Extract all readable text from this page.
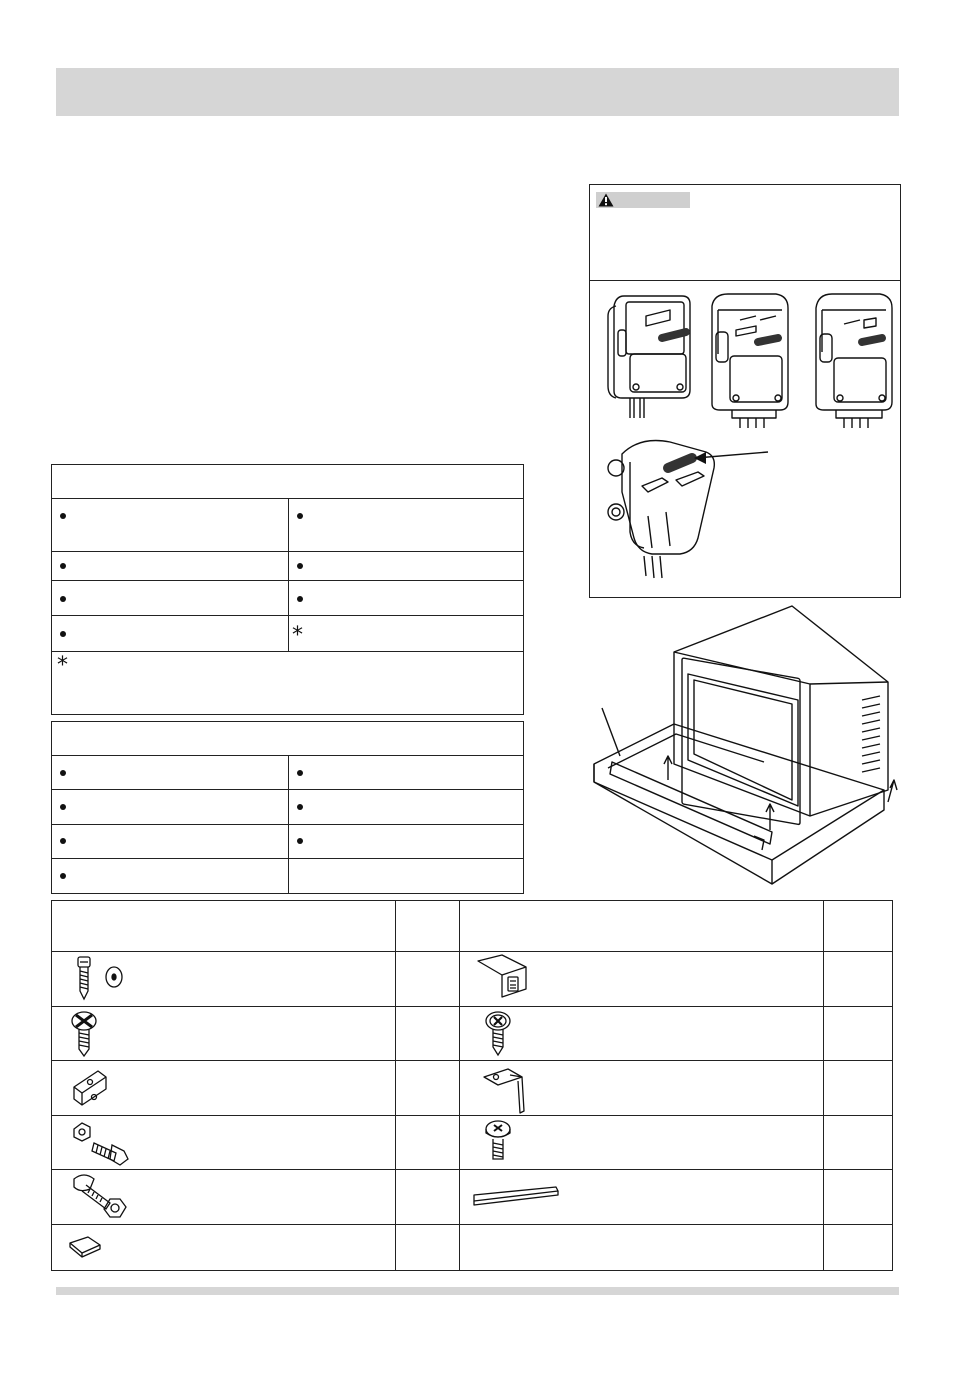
*
*
